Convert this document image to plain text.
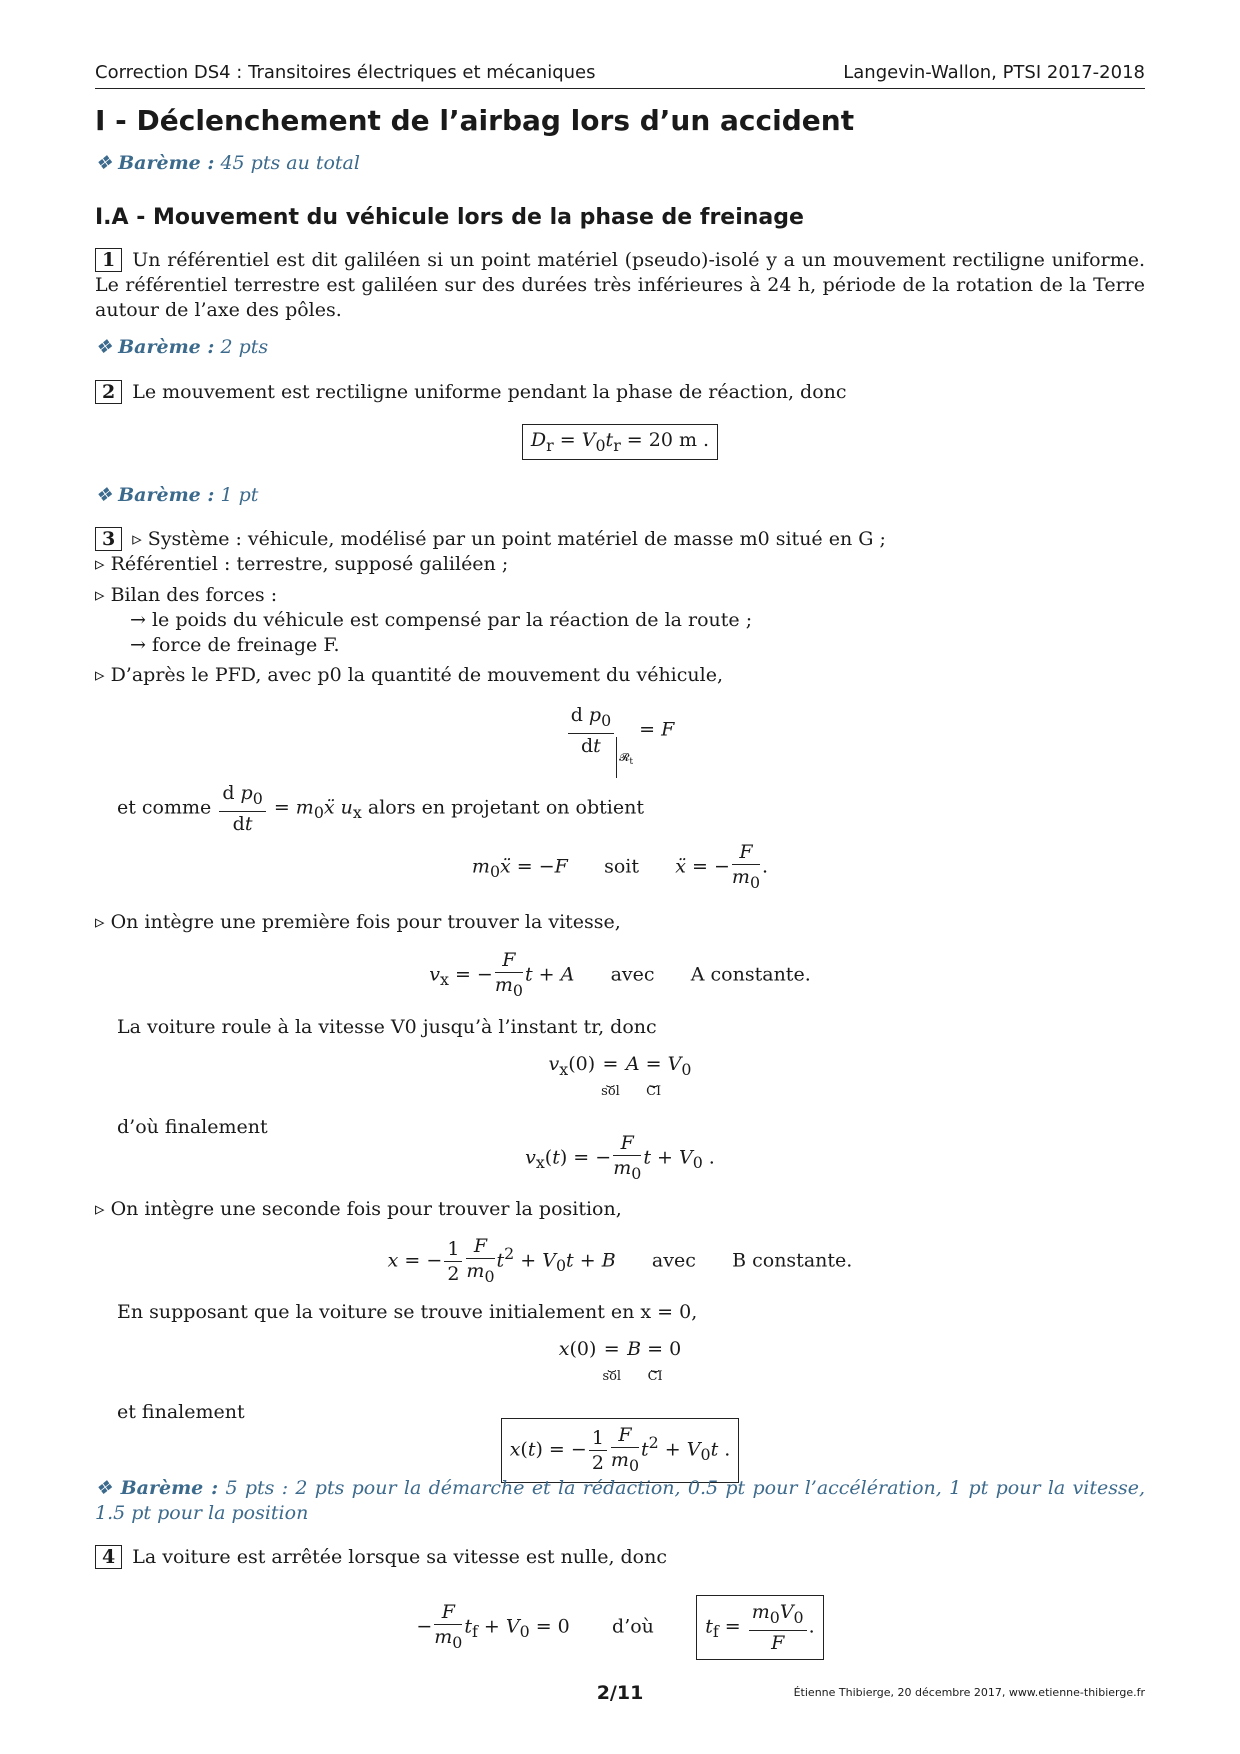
Correction DS4 : Transitoires électriques et mécaniques	Langevin-Wallon, PTSI 2017-2018
I - Déclenchement de l’airbag lors d’un accident
❖ Barème : 45 pts au total
I.A - Mouvement du véhicule lors de la phase de freinage
1 Un référentiel est dit galiléen si un point matériel (pseudo)-isolé y a un mouvement rectiligne uniforme. Le référentiel terrestre est galiléen sur des durées très inférieures à 24 h, période de la rotation de la Terre autour de l’axe des pôles.
❖ Barème : 2 pts
2 Le mouvement est rectiligne uniforme pendant la phase de réaction, donc
$D_r = V_0t_r = 20$ m .
❖ Barème : 1 pt
3 ▹ Système : véhicule, modélisé par un point matériel de masse m0 situé en G ;
▹ Référentiel : terrestre, supposé galiléen ;
▹ Bilan des forces :
→ le poids du véhicule est compensé par la réaction de la route ;
→ force de freinage F.
▹ D’après le PFD, avec p0 la quantité de mouvement du véhicule,
$\frac{d p_0}{dt}$
$_{𝓡_t}$ = F
et comme $\frac{d p_0}{dt}$ = $m_0ẍ$ $u_x$ alors en projetant on obtient
$m_0ẍ = -F$ soit ẍ = − $\frac{F}{m_0}$ .
▹ On intègre une première fois pour trouver la vitesse,
$v_x$ = − $\frac{F}{m_0}$ t + A avec A constante.
La voiture roule à la vitesse V0 jusqu’à l’instant tr, donc
$v_x(0)$ =
⏟
sol
A =
⏟
CI
$V_0$
d’où finalement
$v_x(t)$ = − $\frac{F}{m_0}$ $t + V_0$ .
▹ On intègre une seconde fois pour trouver la position,
x = − $\frac{1}{2} \frac{F}{m_0} t^2 + V_0t + B$ avec B constante.
En supposant que la voiture se trouve initialement en x = 0,
x(0) =
⏟
sol
B =
⏟
CI
0
et finalement
x(t) = − $\frac{1}{2} \frac{F}{m_0} t^2 + V_0t$ .
❖ Barème : 5 pts : 2 pts pour la démarche et la rédaction, 0.5 pt pour l’accélération, 1 pt pour la vitesse, 1.5 pt pour la position
4 La voiture est arrêtée lorsque sa vitesse est nulle, donc
− $\frac{F}{m_0} t_f + V_0 = 0$       d’où	$t_f = \frac{m_0V_0}{F}$ .
2/11	Étienne Thibierge, 20 décembre 2017, www.etienne-thibierge.fr
